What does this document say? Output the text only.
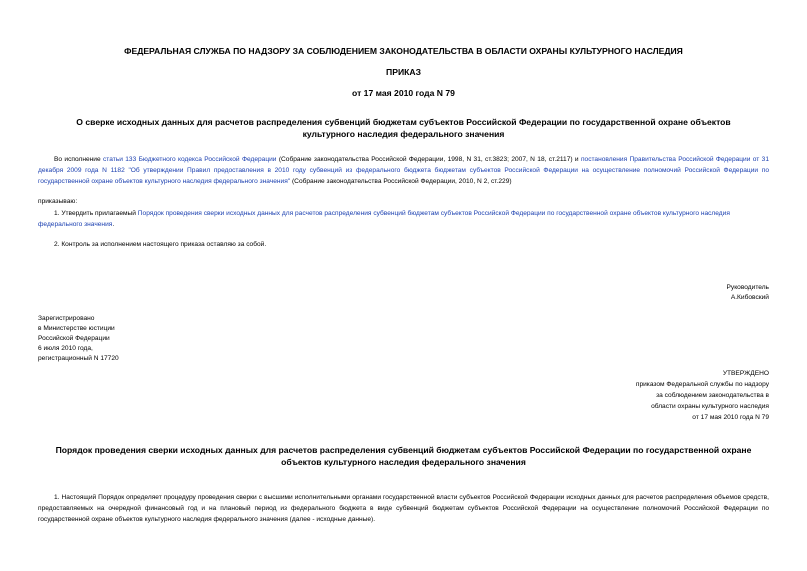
ФЕДЕРАЛЬНАЯ СЛУЖБА ПО НАДЗОРУ ЗА СОБЛЮДЕНИЕМ ЗАКОНОДАТЕЛЬСТВА В ОБЛАСТИ ОХРАНЫ КУЛЬТУРНОГО НАСЛЕДИЯ
ПРИКАЗ
от 17 мая 2010 года N 79
О сверке исходных данных для расчетов распределения субвенций бюджетам субъектов Российской Федерации по государственной охране объектов культурного наследия федерального значения
Во исполнение статьи 133 Бюджетного кодекса Российской Федерации (Собрание законодательства Российской Федерации, 1998, N 31, ст.3823; 2007, N 18, ст.2117) и постановления Правительства Российской Федерации от 31 декабря 2009 года N 1182 "Об утверждении Правил предоставления в 2010 году субвенций из федерального бюджета бюджетам субъектов Российской Федерации на осуществление полномочий Российской Федерации по государственной охране объектов культурного наследия федерального значения" (Собрание законодательства Российской Федерации, 2010, N 2, ст.229)
приказываю:
1. Утвердить прилагаемый Порядок проведения сверки исходных данных для расчетов распределения субвенций бюджетам субъектов Российской Федерации по государственной охране объектов культурного наследия федерального значения.
2. Контроль за исполнением настоящего приказа оставляю за собой.
Руководитель
А.Кибовский
Зарегистрировано
в Министерстве юстиции
Российской Федерации
6 июля 2010 года,
регистрационный N 17720
УТВЕРЖДЕНО
приказом Федеральной службы по надзору
за соблюдением законодательства в
области охраны культурного наследия
от 17 мая 2010 года N 79
Порядок проведения сверки исходных данных для расчетов распределения субвенций бюджетам субъектов Российской Федерации по государственной охране объектов культурного наследия федерального значения
1. Настоящий Порядок определяет процедуру проведения сверки с высшими исполнительными органами государственной власти субъектов Российской Федерации исходных данных для расчетов распределения объемов средств, предоставляемых на очередной финансовый год и на плановый период из федерального бюджета в виде субвенций бюджетам субъектов Российской Федерации на осуществление полномочий Российской Федерации по государственной охране объектов культурного наследия федерального значения (далее - исходные данные).
